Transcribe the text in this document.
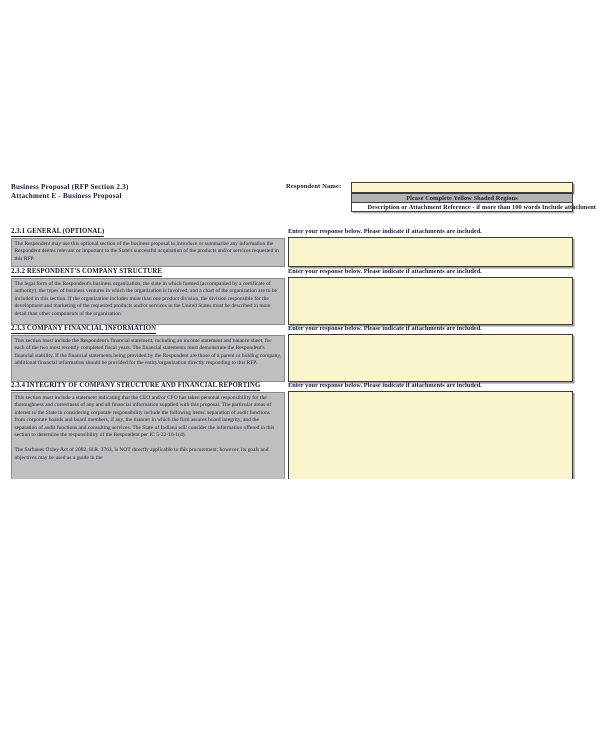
Business Proposal (RFP Section 2.3)
Attachment E - Business Proposal
Respondent Name:
Please Complete Yellow Shaded Regions
Description or Attachment Reference - if more than 100 words Include attachment
2.3.1 GENERAL (OPTIONAL)

The Respondent may use this optional section of the business proposal to introduce or summarize any information the Respondent deems relevant or important to the State's successful acquisition of the products and/or services requested in this RFP.

Enter your response below. Please indicate if attachments are included.
2.3.2 RESPONDENT'S COMPANY STRUCTURE

The legal form of the Respondent's business organization, the state in which formed (accompanied by a certificate of authority), the types of business ventures in which the organization is involved, and a chart of the organization are to be included in this section. If the organization includes more than one product division, the division responsible for the development and marketing of the requested products and/or services in the United States must be described in more detail than other components of the organization.

Enter your response below. Please indicate if attachments are included.
2.3.3 COMPANY FINANCIAL INFORMATION

This section must include the Respondent's financial statement, including an income statement and balance sheet, for each of the two most recently completed fiscal years. The financial statements must demonstrate the Respondent's financial stability. If the financial statements being provided by the Respondent are those of a parent or holding company, additional financial information should be provided for the entity/organization directly responding to this RFP.

Enter your response below. Please indicate if attachments are included.
2.3.4 INTEGRITY OF COMPANY STRUCTURE AND FINANCIAL REPORTING

This section must include a statement indicating that the CEO and/or CFO has taken personal responsibility for the thoroughness and correctness of any and all financial information supplied with this proposal. The particular areas of interest to the State in considering corporate responsibility include the following items: separation of audit functions from corporate boards and board members, if any, the manner in which the firm assures board integrity, and the separation of audit functions and consulting services. The State of Indiana will consider the information offered in this section to determine the responsibility of the Respondent per IC 5-22-16-1(d).

The Sarbanes Oxley Act of 2002, H.R. 3763, is NOT directly applicable to this procurement; however, its goals and objectives may be used as a guide in the

Enter your response below. Please indicate if attachments are included.
